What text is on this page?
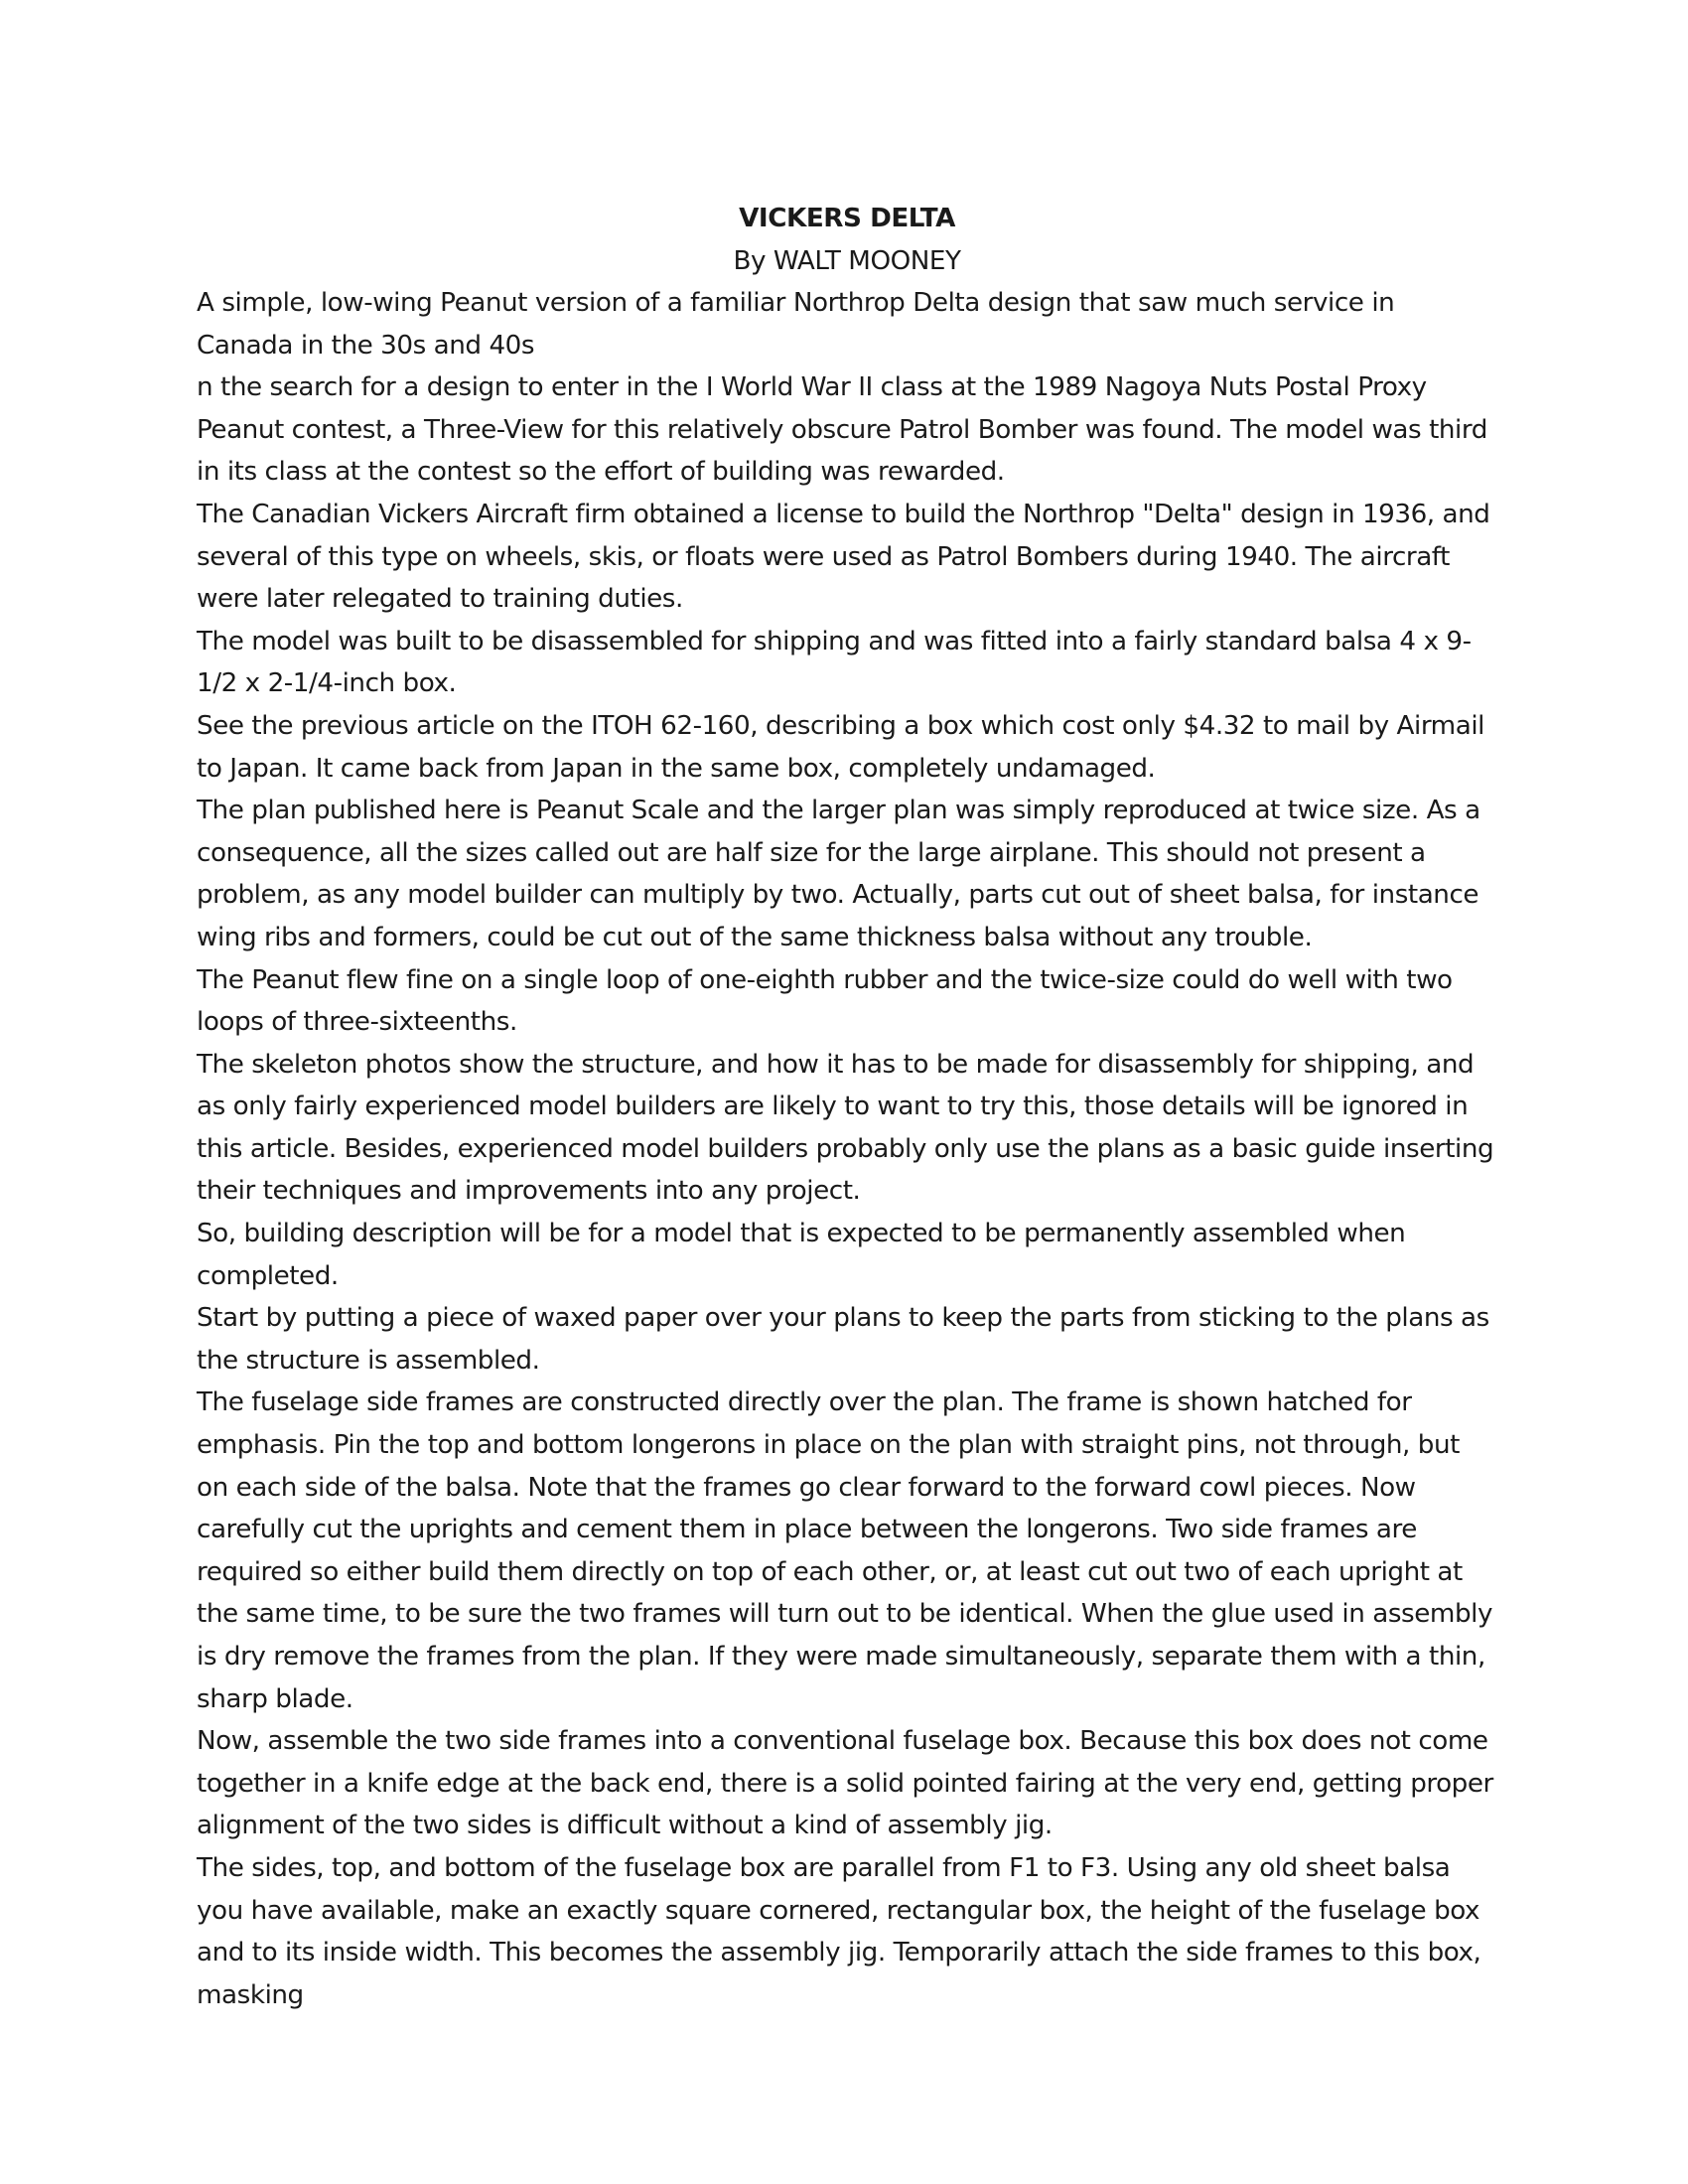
VICKERS DELTA

By WALT MOONEY

A simple, low-wing Peanut version of a familiar Northrop Delta design that saw much service in Canada in the 30s and 40s

n the search for a design to enter in the I World War II class at the 1989 Nagoya Nuts Postal Proxy Peanut contest, a Three-View for this relatively obscure Patrol Bomber was found. The model was third in its class at the contest so the effort of building was rewarded.

The Canadian Vickers Aircraft firm obtained a license to build the Northrop "Delta" design in 1936, and several of this type on wheels, skis, or floats were used as Patrol Bombers during 1940. The aircraft were later relegated to training duties.

The model was built to be disassembled for shipping and was fitted into a fairly standard balsa 4 x 9-1/2 x 2-1/4-inch box.

See the previous article on the ITOH 62-160, describing a box which cost only $4.32 to mail by Airmail to Japan. It came back from Japan in the same box, completely undamaged.

The plan published here is Peanut Scale and the larger plan was simply reproduced at twice size. As a consequence, all the sizes called out are half size for the large airplane. This should not present a problem, as any model builder can multiply by two. Actually, parts cut out of sheet balsa, for instance wing ribs and formers, could be cut out of the same thickness balsa without any trouble.

The Peanut flew fine on a single loop of one-eighth rubber and the twice-size could do well with two loops of three-sixteenths.

The skeleton photos show the structure, and how it has to be made for disassembly for shipping, and as only fairly experienced model builders are likely to want to try this, those details will be ignored in this article. Besides, experienced model builders probably only use the plans as a basic guide inserting their techniques and improvements into any project.

So, building description will be for a model that is expected to be permanently assembled when completed.

Start by putting a piece of waxed paper over your plans to keep the parts from sticking to the plans as the structure is assembled.

The fuselage side frames are constructed directly over the plan. The frame is shown hatched for emphasis. Pin the top and bottom longerons in place on the plan with straight pins, not through, but on each side of the balsa. Note that the frames go clear forward to the forward cowl pieces. Now carefully cut the uprights and cement them in place between the longerons. Two side frames are required so either build them directly on top of each other, or, at least cut out two of each upright at the same time, to be sure the two frames will turn out to be identical. When the glue used in assembly is dry remove the frames from the plan. If they were made simultaneously, separate them with a thin, sharp blade.

Now, assemble the two side frames into a conventional fuselage box. Because this box does not come together in a knife edge at the back end, there is a solid pointed fairing at the very end, getting proper alignment of the two sides is difficult without a kind of assembly jig.

The sides, top, and bottom of the fuselage box are parallel from F1 to F3. Using any old sheet balsa you have available, make an exactly square cornered, rectangular box, the height of the fuselage box and to its inside width. This becomes the assembly jig. Temporarily attach the side frames to this box, masking
